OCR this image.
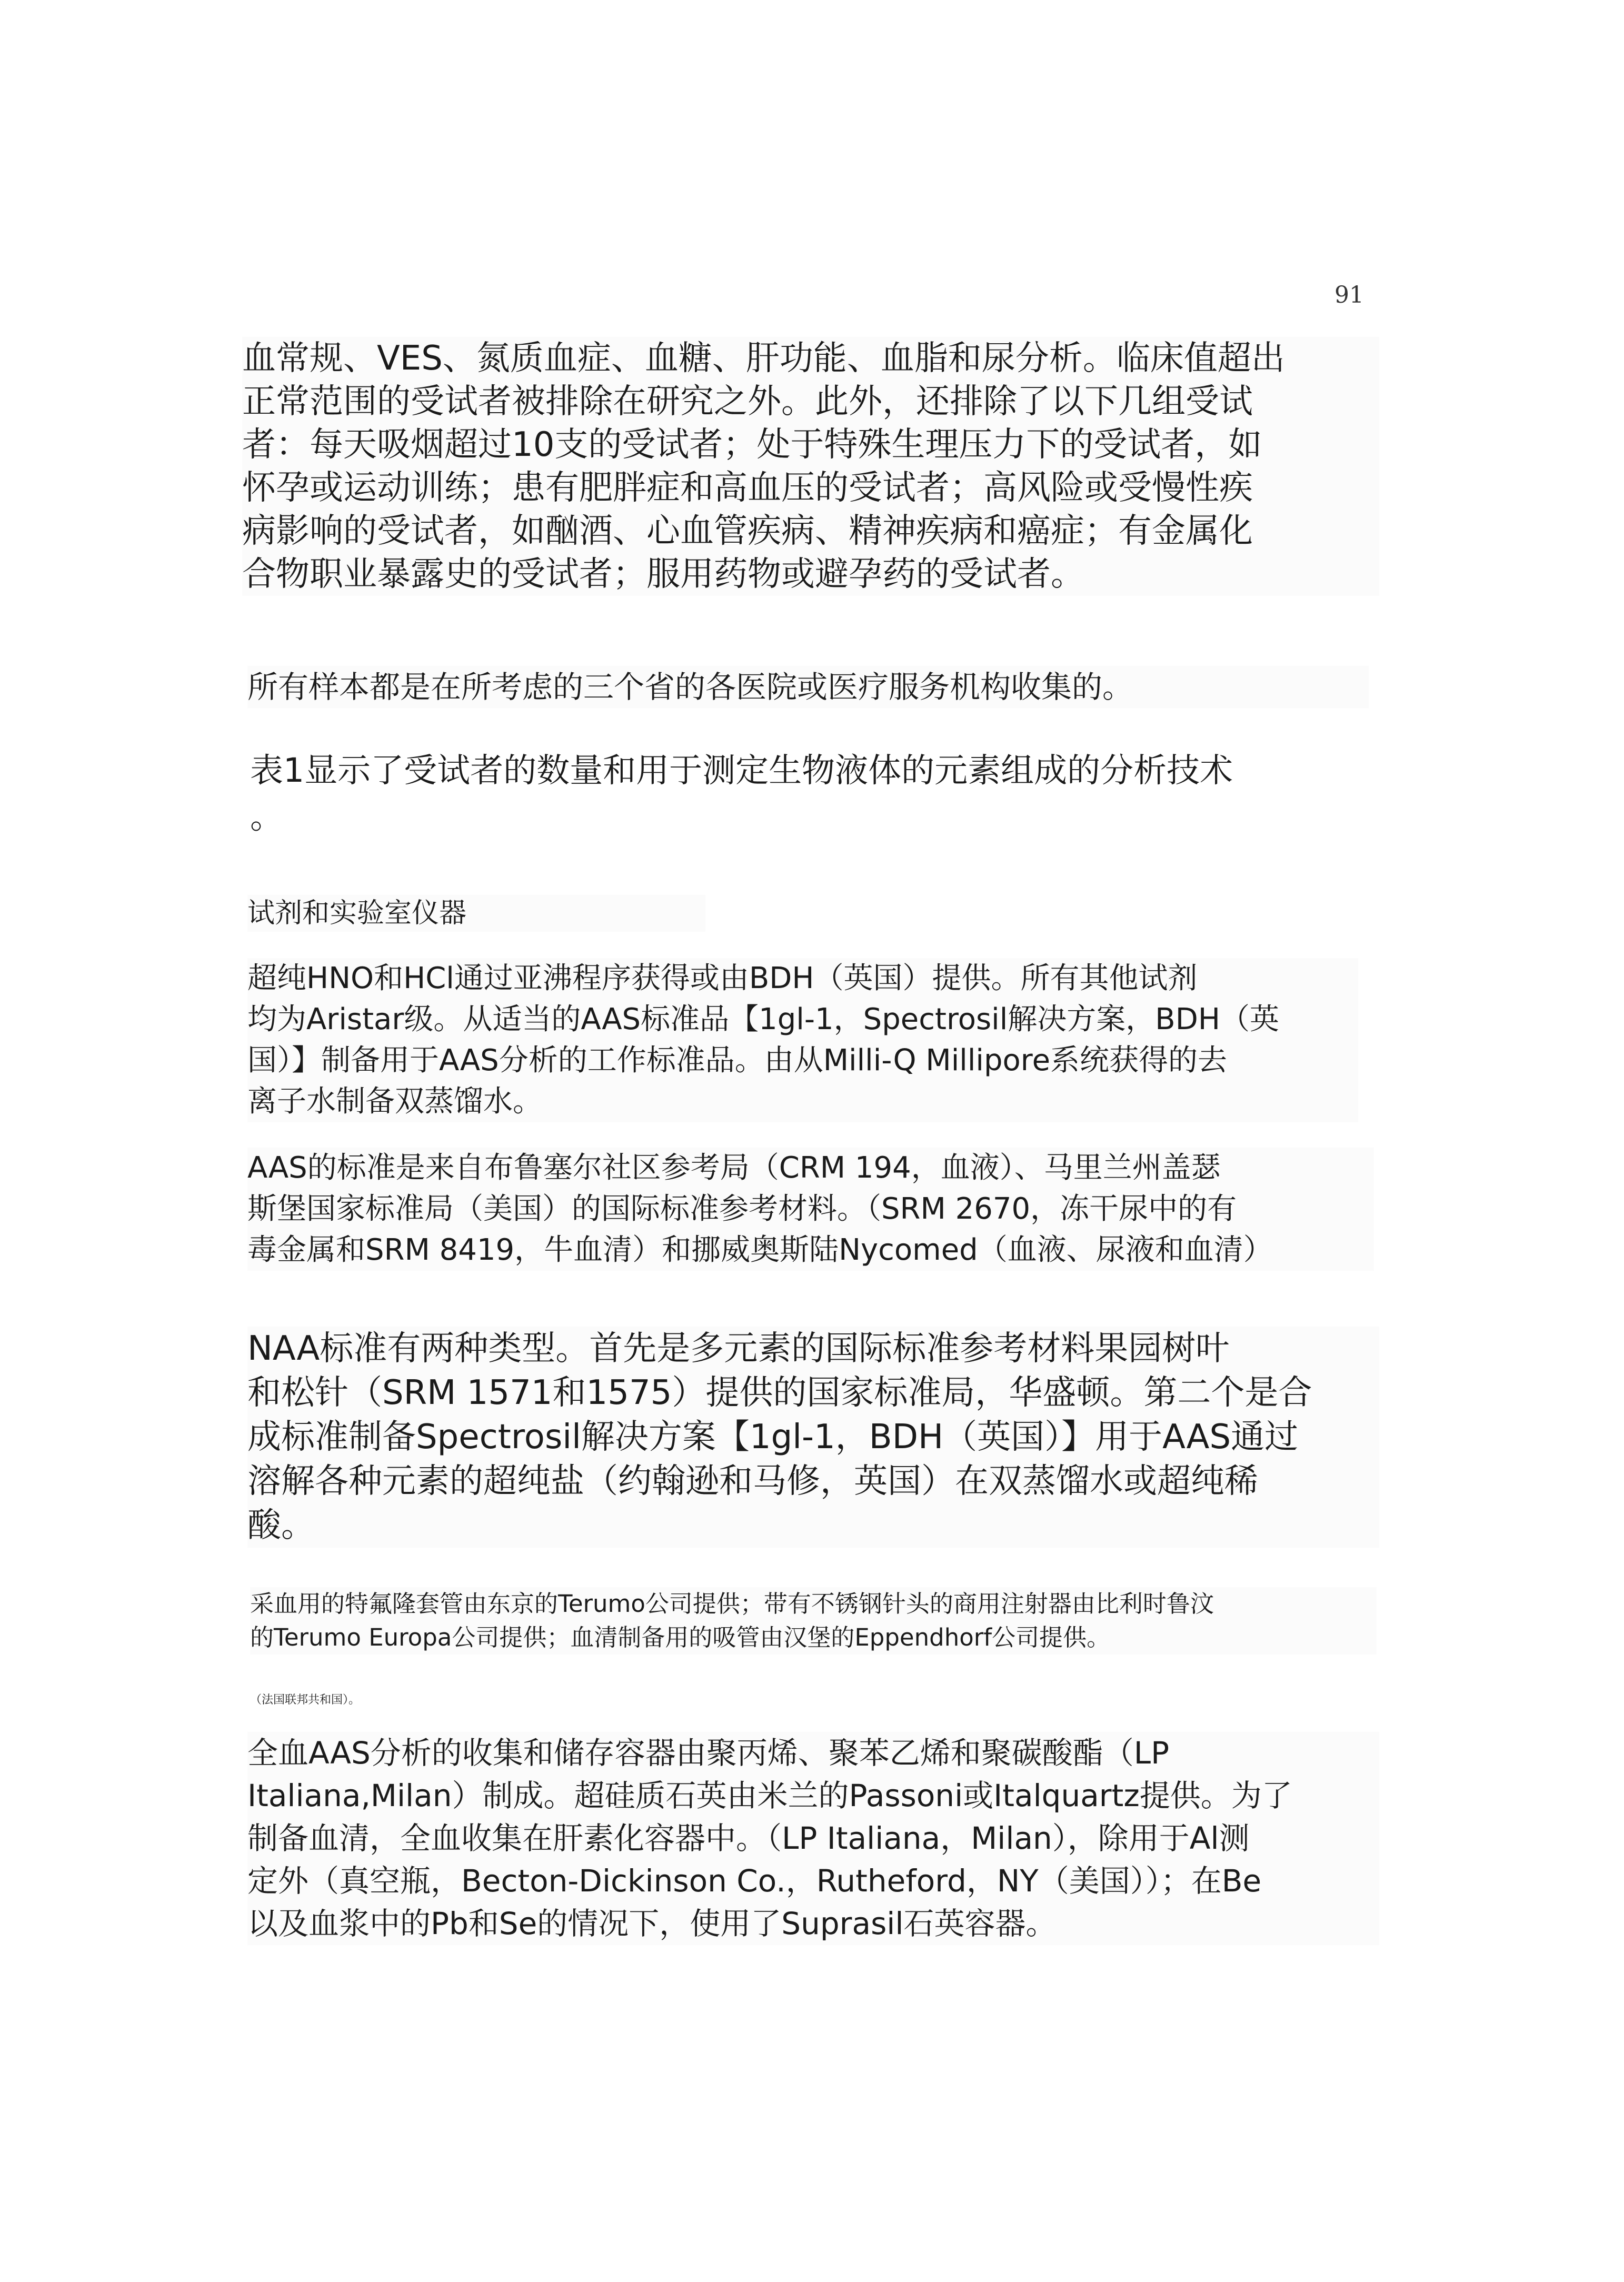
91

血常规、VES、氮质血症、血糖、肝功能、血脂和尿分析。临床值超出
正常范围的受试者被排除在研究之外。此外，还排除了以下几组受试
者：每天吸烟超过10支的受试者；处于特殊生理压力下的受试者，如
怀孕或运动训练；患有肥胖症和高血压的受试者；高风险或受慢性疾
病影响的受试者，如酗酒、心血管疾病、精神疾病和癌症；有金属化
合物职业暴露史的受试者；服用药物或避孕药的受试者。

所有样本都是在所考虑的三个省的各医院或医疗服务机构收集的。

表1显示了受试者的数量和用于测定生物液体的元素组成的分析技术
。

试剂和实验室仪器

超纯HNO和HCl通过亚沸程序获得或由BDH（英国）提供。所有其他试剂
均为Aristar级。从适当的AAS标准品【1gl-1，Spectrosil解决方案，BDH（英
国）】制备用于AAS分析的工作标准品。由从Milli-Q Millipore系统获得的去
离子水制备双蒸馏水。

AAS的标准是来自布鲁塞尔社区参考局（CRM 194，血液）、马里兰州盖瑟
斯堡国家标准局（美国）的国际标准参考材料。（SRM 2670，冻干尿中的有
毒金属和SRM 8419，牛血清）和挪威奥斯陆Nycomed（血液、尿液和血清）

NAA标准有两种类型。首先是多元素的国际标准参考材料果园树叶
和松针（SRM 1571和1575）提供的国家标准局，华盛顿。第二个是合
成标准制备Spectrosil解决方案【1gl-1，BDH（英国）】用于AAS通过
溶解各种元素的超纯盐（约翰逊和马修，英国）在双蒸馏水或超纯稀
酸。

采血用的特氟隆套管由东京的Terumo公司提供；带有不锈钢针头的商用注射器由比利时鲁汶
的Terumo Europa公司提供；血清制备用的吸管由汉堡的Eppendhorf公司提供。

（法国联邦共和国）。

全血AAS分析的收集和储存容器由聚丙烯、聚苯乙烯和聚碳酸酯（LP
Italiana,Milan）制成。超硅质石英由米兰的Passoni或Italquartz提供。为了
制备血清，全血收集在肝素化容器中。（LP Italiana，Milan），除用于Al测
定外（真空瓶，Becton-Dickinson Co.，Rutheford，NY（美国））；在Be
以及血浆中的Pb和Se的情况下，使用了Suprasil石英容器。
